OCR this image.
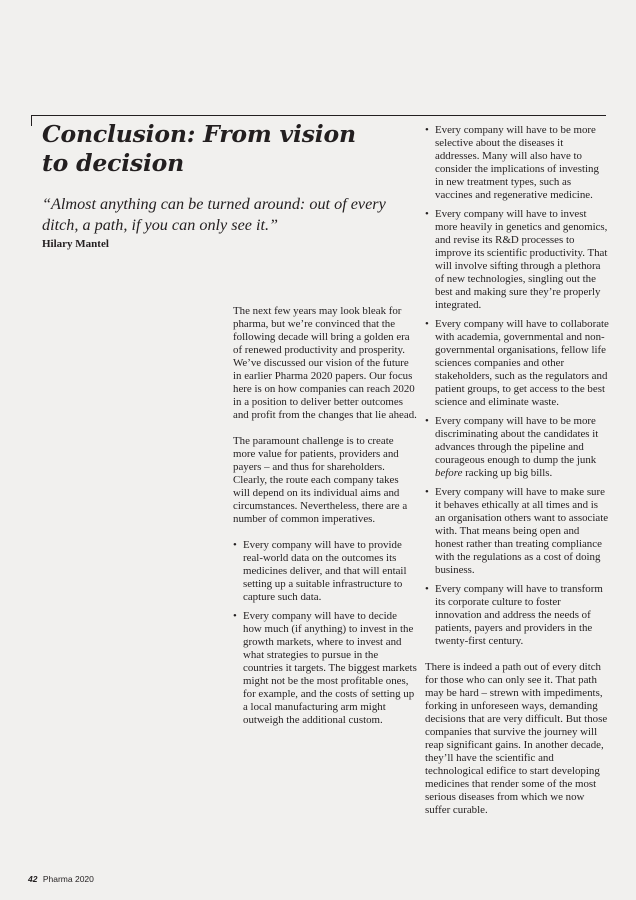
Conclusion: From vision
to decision

“Almost anything can be turned around: out of every ditch, a path, if you can only see it.”

Hilary Mantel

The next few years may look bleak for pharma, but we’re convinced that the following decade will bring a golden era of renewed productivity and prosperity. We’ve discussed our vision of the future in earlier Pharma 2020 papers. Our focus here is on how companies can reach 2020 in a position to deliver better outcomes and profit from the changes that lie ahead.

The paramount challenge is to create more value for patients, providers and payers – and thus for shareholders. Clearly, the route each company takes will depend on its individual aims and circumstances. Nevertheless, there are a number of common imperatives.

• Every company will have to provide real-world data on the outcomes its medicines deliver, and that will entail setting up a suitable infrastructure to capture such data.
• Every company will have to decide how much (if anything) to invest in the growth markets, where to invest and what strategies to pursue in the countries it targets. The biggest markets might not be the most profitable ones, for example, and the costs of setting up a local manufacturing arm might outweigh the additional custom.
• Every company will have to be more selective about the diseases it addresses. Many will also have to consider the implications of investing in new treatment types, such as vaccines and regenerative medicine.
• Every company will have to invest more heavily in genetics and genomics, and revise its R&D processes to improve its scientific productivity. That will involve sifting through a plethora of new technologies, singling out the best and making sure they’re properly integrated.
• Every company will have to collaborate with academia, governmental and non-governmental organisations, fellow life sciences companies and other stakeholders, such as the regulators and patient groups, to get access to the best science and eliminate waste.
• Every company will have to be more discriminating about the candidates it advances through the pipeline and courageous enough to dump the junk before racking up big bills.
• Every company will have to make sure it behaves ethically at all times and is an organisation others want to associate with. That means being open and honest rather than treating compliance with the regulations as a cost of doing business.
• Every company will have to transform its corporate culture to foster innovation and address the needs of patients, payers and providers in the twenty-first century.

There is indeed a path out of every ditch for those who can only see it. That path may be hard – strewn with impediments, forking in unforeseen ways, demanding decisions that are very difficult. But those companies that survive the journey will reap significant gains. In another decade, they’ll have the scientific and technological edifice to start developing medicines that render some of the most serious diseases from which we now suffer curable.

42 Pharma 2020
